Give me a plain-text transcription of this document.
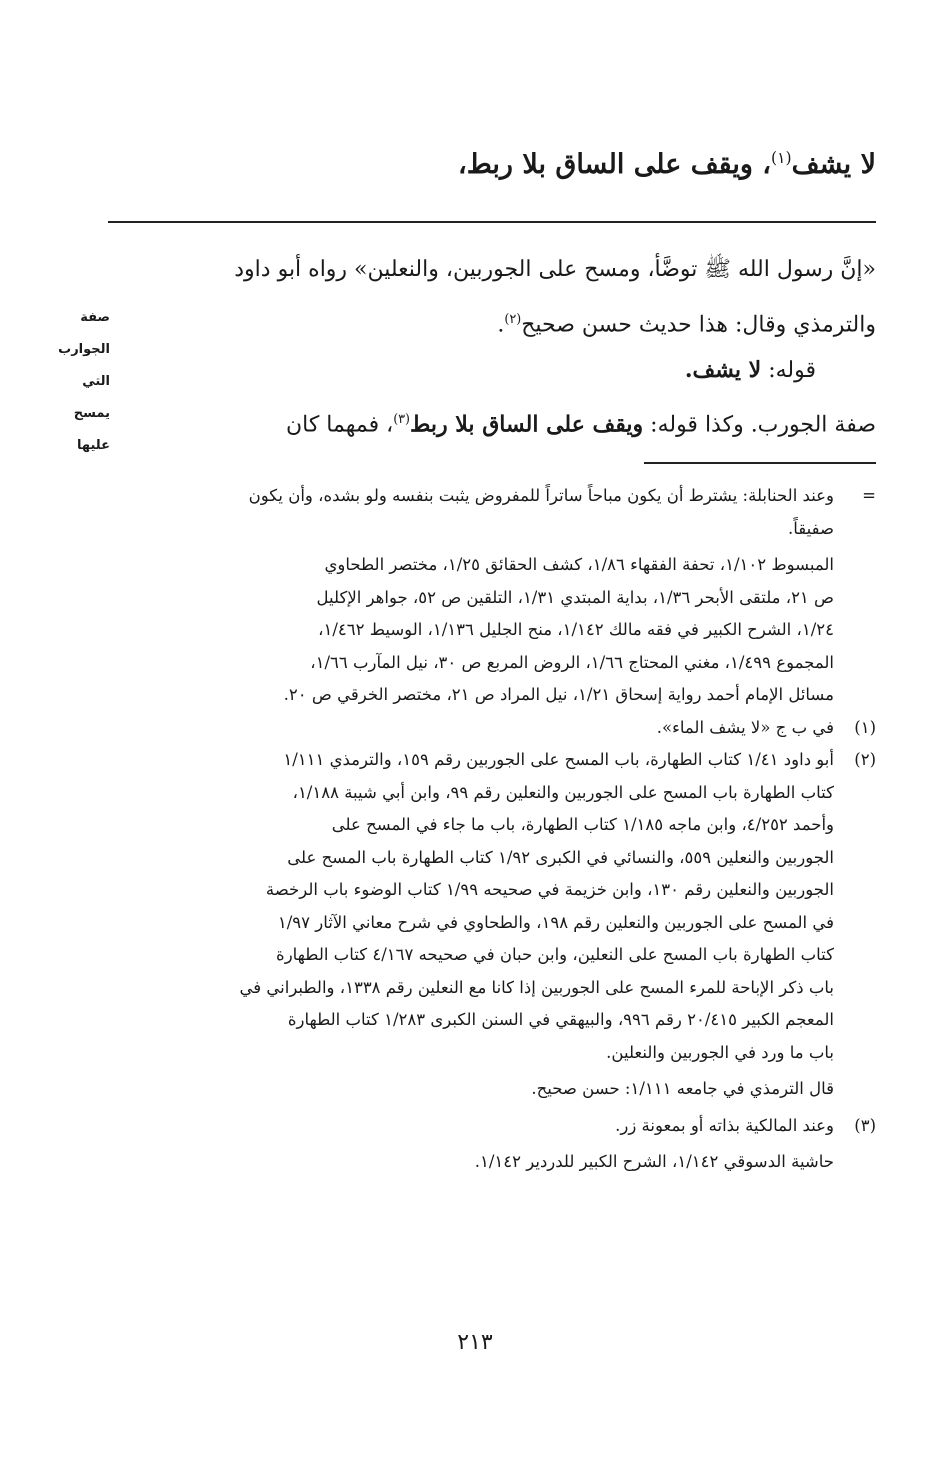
لا يشف$^{(١)}$، ويقف على الساق بلا ربط،
صفة
الجوارب
التي
يمسح
عليها
«إنَّ رسول الله ﷺ توضَّأ، ومسح على الجوربين، والنعلين» رواه أبو داود
والترمذي وقال: هذا حديث حسن صحيح$^{(٢)}$.
قوله: لا يشف.
صفة الجورب. وكذا قوله: ويقف على الساق بلا ربط$^{(٣)}$، فمهما كان
=
وعند الحنابلة: يشترط أن يكون مباحاً ساتراً للمفروض يثبت بنفسه ولو بشده، وأن يكون
صفيقاً.
المبسوط ١/١٠٢، تحفة الفقهاء ١/٨٦، كشف الحقائق ١/٢٥، مختصر الطحاوي
ص ٢١، ملتقى الأبحر ١/٣٦، بداية المبتدي ١/٣١، التلقين ص ٥٢، جواهر الإكليل
١/٢٤، الشرح الكبير في فقه مالك ١/١٤٢، منح الجليل ١/١٣٦، الوسيط ١/٤٦٢،
المجموع ١/٤٩٩، مغني المحتاج ١/٦٦، الروض المربع ص ٣٠، نيل المآرب ١/٦٦،
مسائل الإمام أحمد رواية إسحاق ١/٢١، نيل المراد ص ٢١، مختصر الخرقي ص ٢٠.
(١)
في ب ج «لا يشف الماء».
(٢)
أبو داود ١/٤١ كتاب الطهارة، باب المسح على الجوربين رقم ١٥٩، والترمذي ١/١١١
كتاب الطهارة باب المسح على الجوربين والنعلين رقم ٩٩، وابن أبي شيبة ١/١٨٨،
وأحمد ٤/٢٥٢، وابن ماجه ١/١٨٥ كتاب الطهارة، باب ما جاء في المسح على
الجوربين والنعلين ٥٥٩، والنسائي في الكبرى ١/٩٢ كتاب الطهارة باب المسح على
الجوربين والنعلين رقم ١٣٠، وابن خزيمة في صحيحه ١/٩٩ كتاب الوضوء باب الرخصة
في المسح على الجوربين والنعلين رقم ١٩٨، والطحاوي في شرح معاني الآثار ١/٩٧
كتاب الطهارة باب المسح على النعلين، وابن حبان في صحيحه ٤/١٦٧ كتاب الطهارة
باب ذكر الإباحة للمرء المسح على الجوربين إذا كانا مع النعلين رقم ١٣٣٨، والطبراني في
المعجم الكبير ٢٠/٤١٥ رقم ٩٩٦، والبيهقي في السنن الكبرى ١/٢٨٣ كتاب الطهارة
باب ما ورد في الجوربين والنعلين.
قال الترمذي في جامعه ١/١١١: حسن صحيح.
(٣)
وعند المالكية بذاته أو بمعونة زر.
حاشية الدسوقي ١/١٤٢، الشرح الكبير للدردير ١/١٤٢.
٢١٣
